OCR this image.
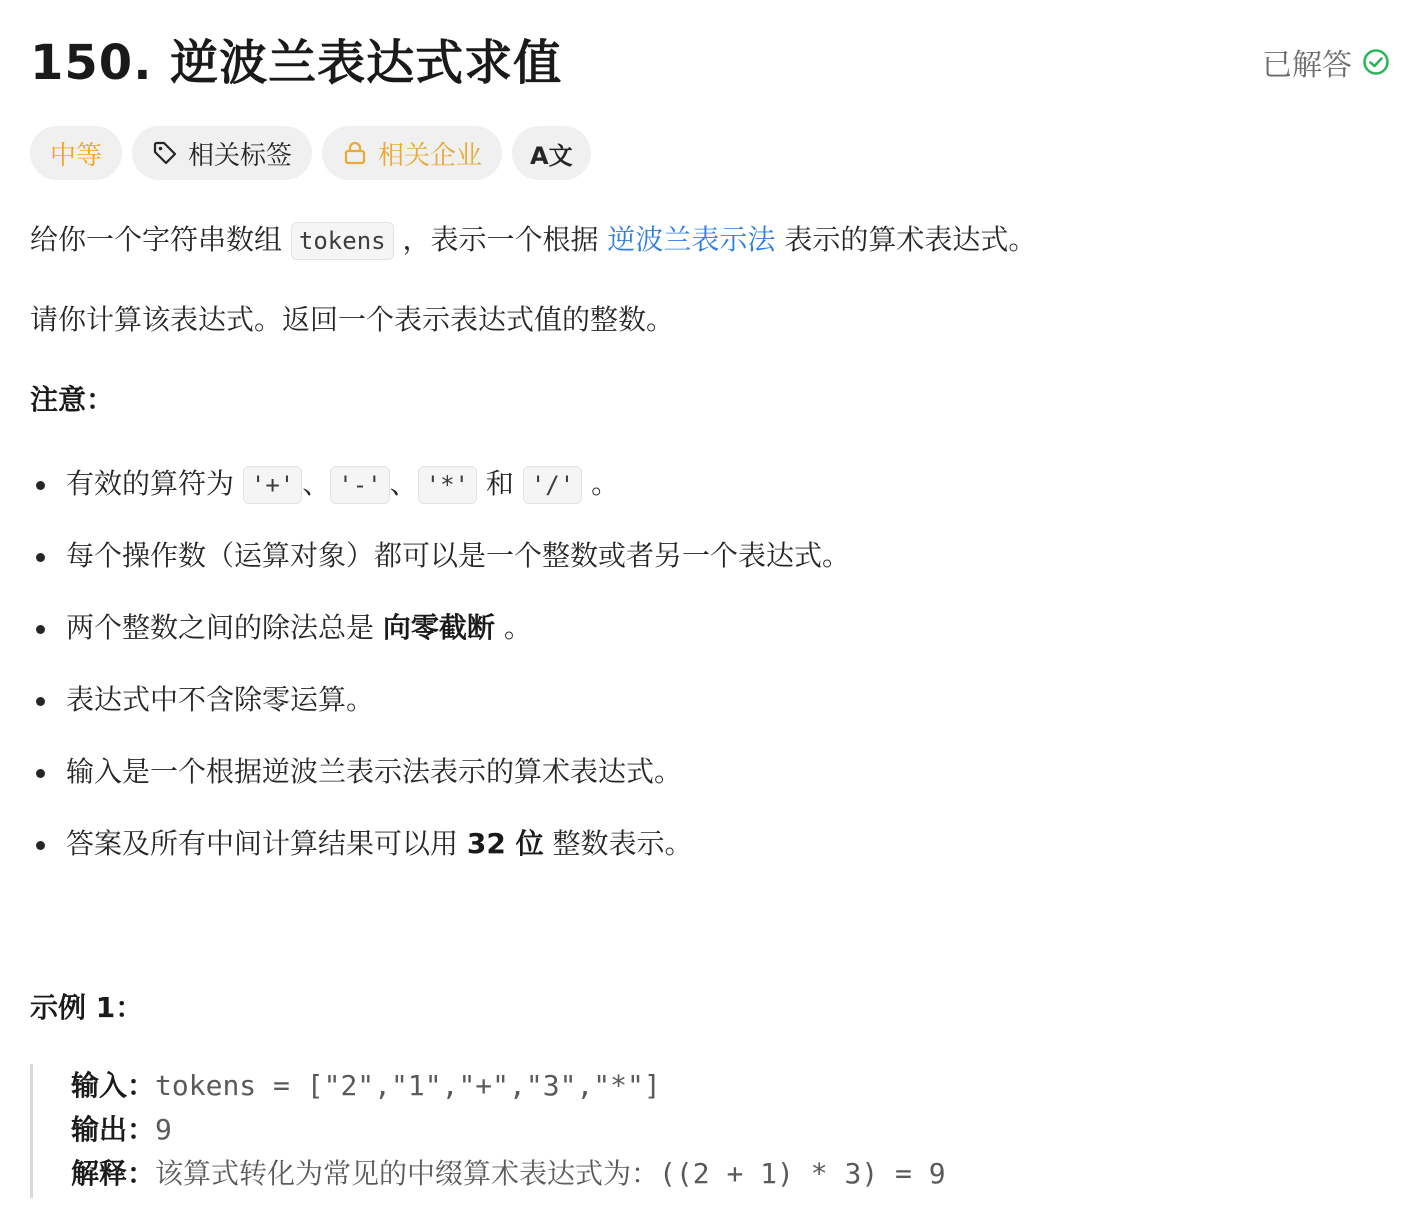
150. 逆波兰表达式求值	已解答
中等	相关标签	相关企业 A文
给你一个字符串数组 tokens ，表示一个根据 逆波兰表示法 表示的算术表达式。
请你计算该表达式。返回一个表示表达式值的整数。
注意：
有效的算符为 '+' 、 '-' 、 '*' 和 '/' 。
每个操作数（运算对象）都可以是一个整数或者另一个表达式。
两个整数之间的除法总是 向零截断 。
表达式中不含除零运算。
输入是一个根据逆波兰表示法表示的算术表达式。
答案及所有中间计算结果可以用 32 位 整数表示。
示例 1：
输入：tokens = ["2","1","+","3","*"]
输出：9
解释：该算式转化为常见的中缀算术表达式为：((2 + 1) * 3) = 9
